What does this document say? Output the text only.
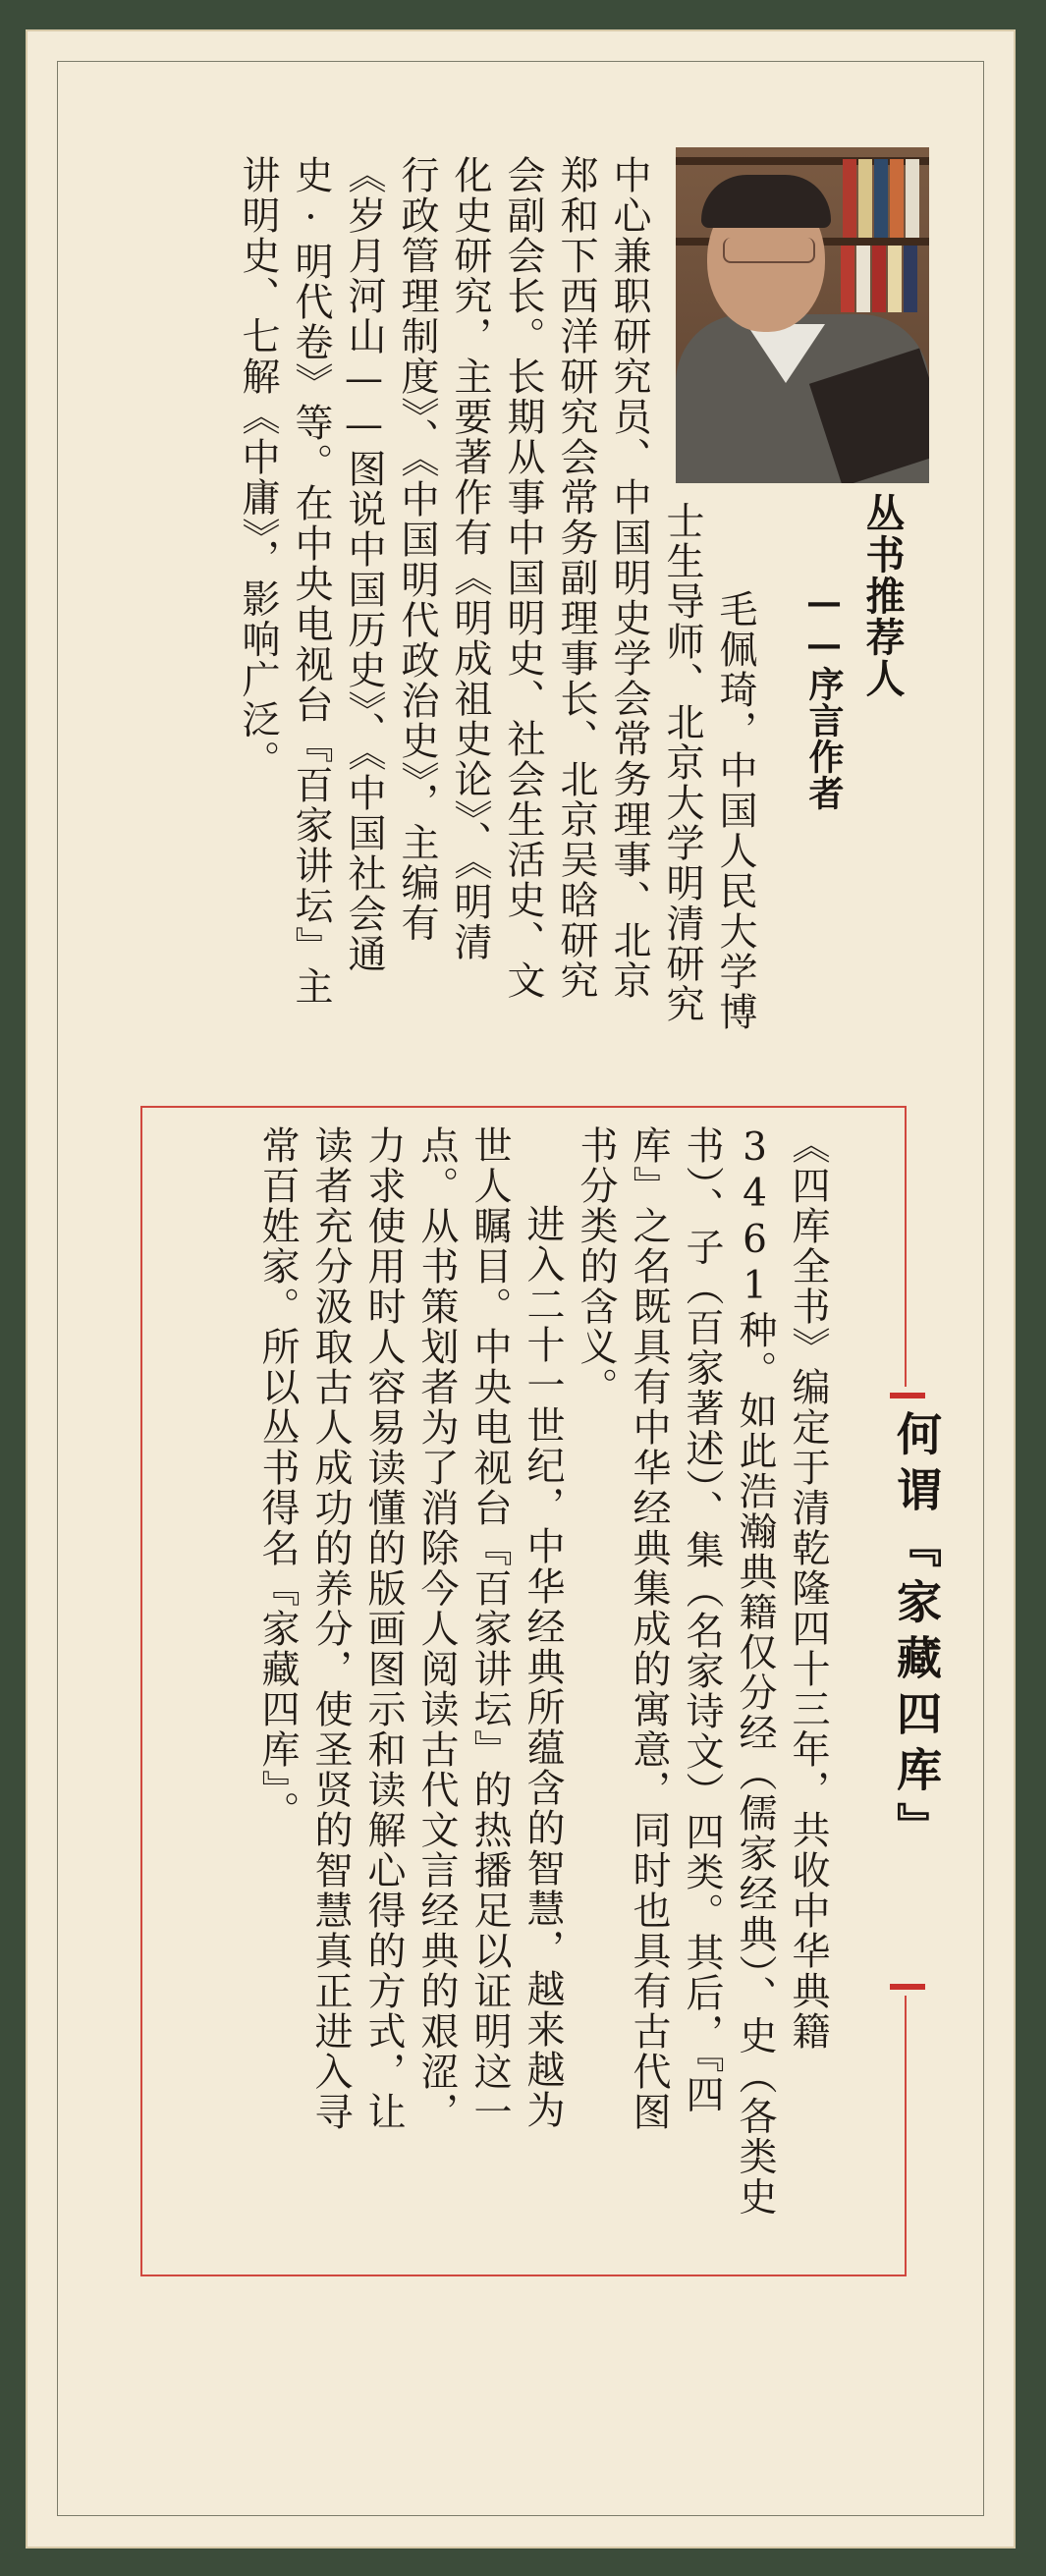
丛书推荐人
——序言作者
毛佩琦，中国人民大学博
士生导师、北京大学明清研究
中心兼职研究员、中国明史学会常务理事、北京
郑和下西洋研究会常务副理事长、北京吴晗研究
会副会长。长期从事中国明史、社会生活史、文
化史研究，主要著作有《明成祖史论》、《明清
行政管理制度》、《中国明代政治史》，主编有
《岁月河山——图说中国历史》、《中国社会通
史·明代卷》等。在中央电视台『百家讲坛』主
讲明史、七解《中庸》，影响广泛。
何谓『家藏四库』
《四库全书》编定于清乾隆四十三年，共收中华典籍
3461种。如此浩瀚典籍仅分经（儒家经典）、史（各类史
书）、子（百家著述）、集（名家诗文）四类。其后，『四
库』之名既具有中华经典集成的寓意，同时也具有古代图
书分类的含义。
进入二十一世纪，中华经典所蕴含的智慧，越来越为
世人瞩目。中央电视台『百家讲坛』的热播足以证明这一
点。从书策划者为了消除今人阅读古代文言经典的艰涩，
力求使用时人容易读懂的版画图示和读解心得的方式，让
读者充分汲取古人成功的养分，使圣贤的智慧真正进入寻
常百姓家。所以丛书得名『家藏四库』。
